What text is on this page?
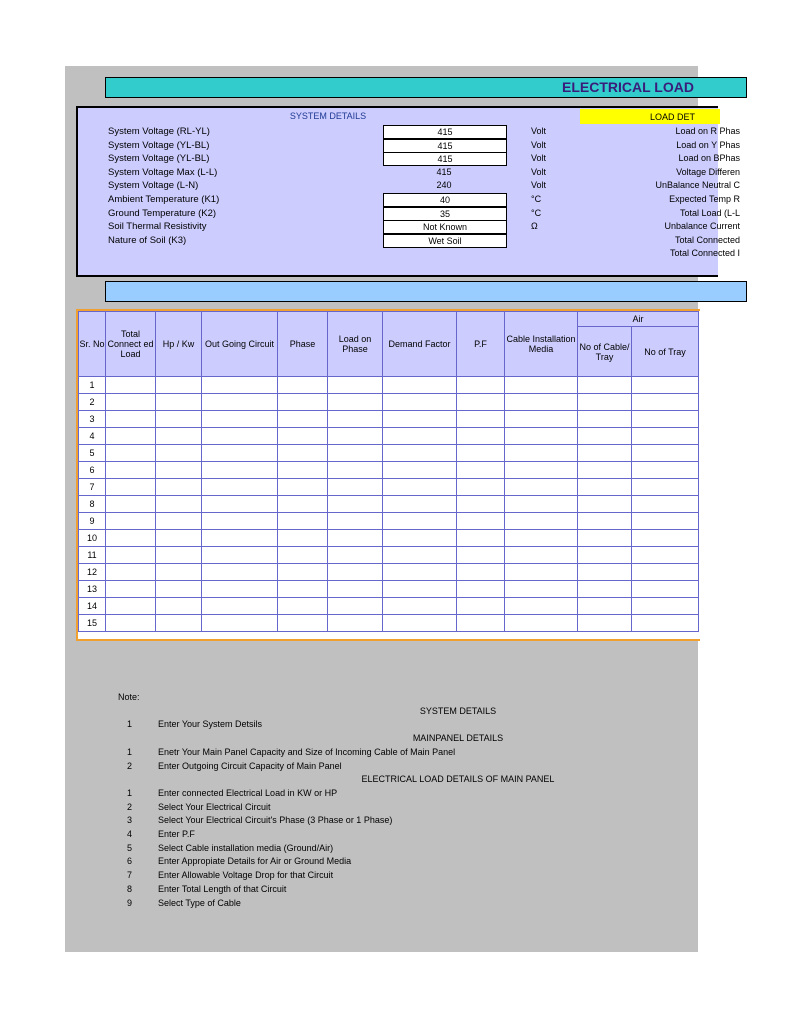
ELECTRICAL LOAD
SYSTEM DETAILS
System Voltage (RL-YL)	415	Volt
System Voltage (YL-BL)	415	Volt
System Voltage (YL-BL)	415	Volt
System Voltage Max (L-L)	415	Volt
System Voltage (L-N)	240	Volt
Ambient Temperature (K1)	40	°C
Ground Temperature (K2)	35	°C
Soil Thermal Resistivity	Not Known	Ω
Nature of Soil (K3)	Wet Soil
LOAD DET
Load on R Phas
Load on Y Phas
Load on BPhas
Voltage Differen
UnBalance Neutral C
Expected Temp R
Total Load (L-L
Unbalance Current
Total Connected
Total Connected I
Sr. No	Total Connect ed Load	Hp / Kw	Out Going Circuit	Phase	Load on Phase	Demand Factor	P.F	Cable Installation Media	Air	
									No of Cable/ Tray	No of Tray
1										
2										
3										
4										
5										
6										
7										
8										
9										
10										
11										
12										
13										
14										
15										
Note:
SYSTEM DETAILS
1	Enter Your System Detsils
MAINPANEL DETAILS
1	Enetr Your Main Panel Capacity and Size of Incoming Cable of Main Panel
2	Enter Outgoing Circuit Capacity of Main Panel
ELECTRICAL LOAD DETAILS OF MAIN PANEL
1	Enter connected Electrical Load in KW or HP
2	Select Your Electrical Circuit
3	Select Your Electrical Circuit's Phase (3 Phase or 1 Phase)
4	Enter P.F
5	Select Cable installation media (Ground/Air)
6	Enter Appropiate Details for Air or Ground Media
7	Enter Allowable Voltage Drop for that Circuit
8	Enter Total Length of that Circuit
9	Select Type of Cable
